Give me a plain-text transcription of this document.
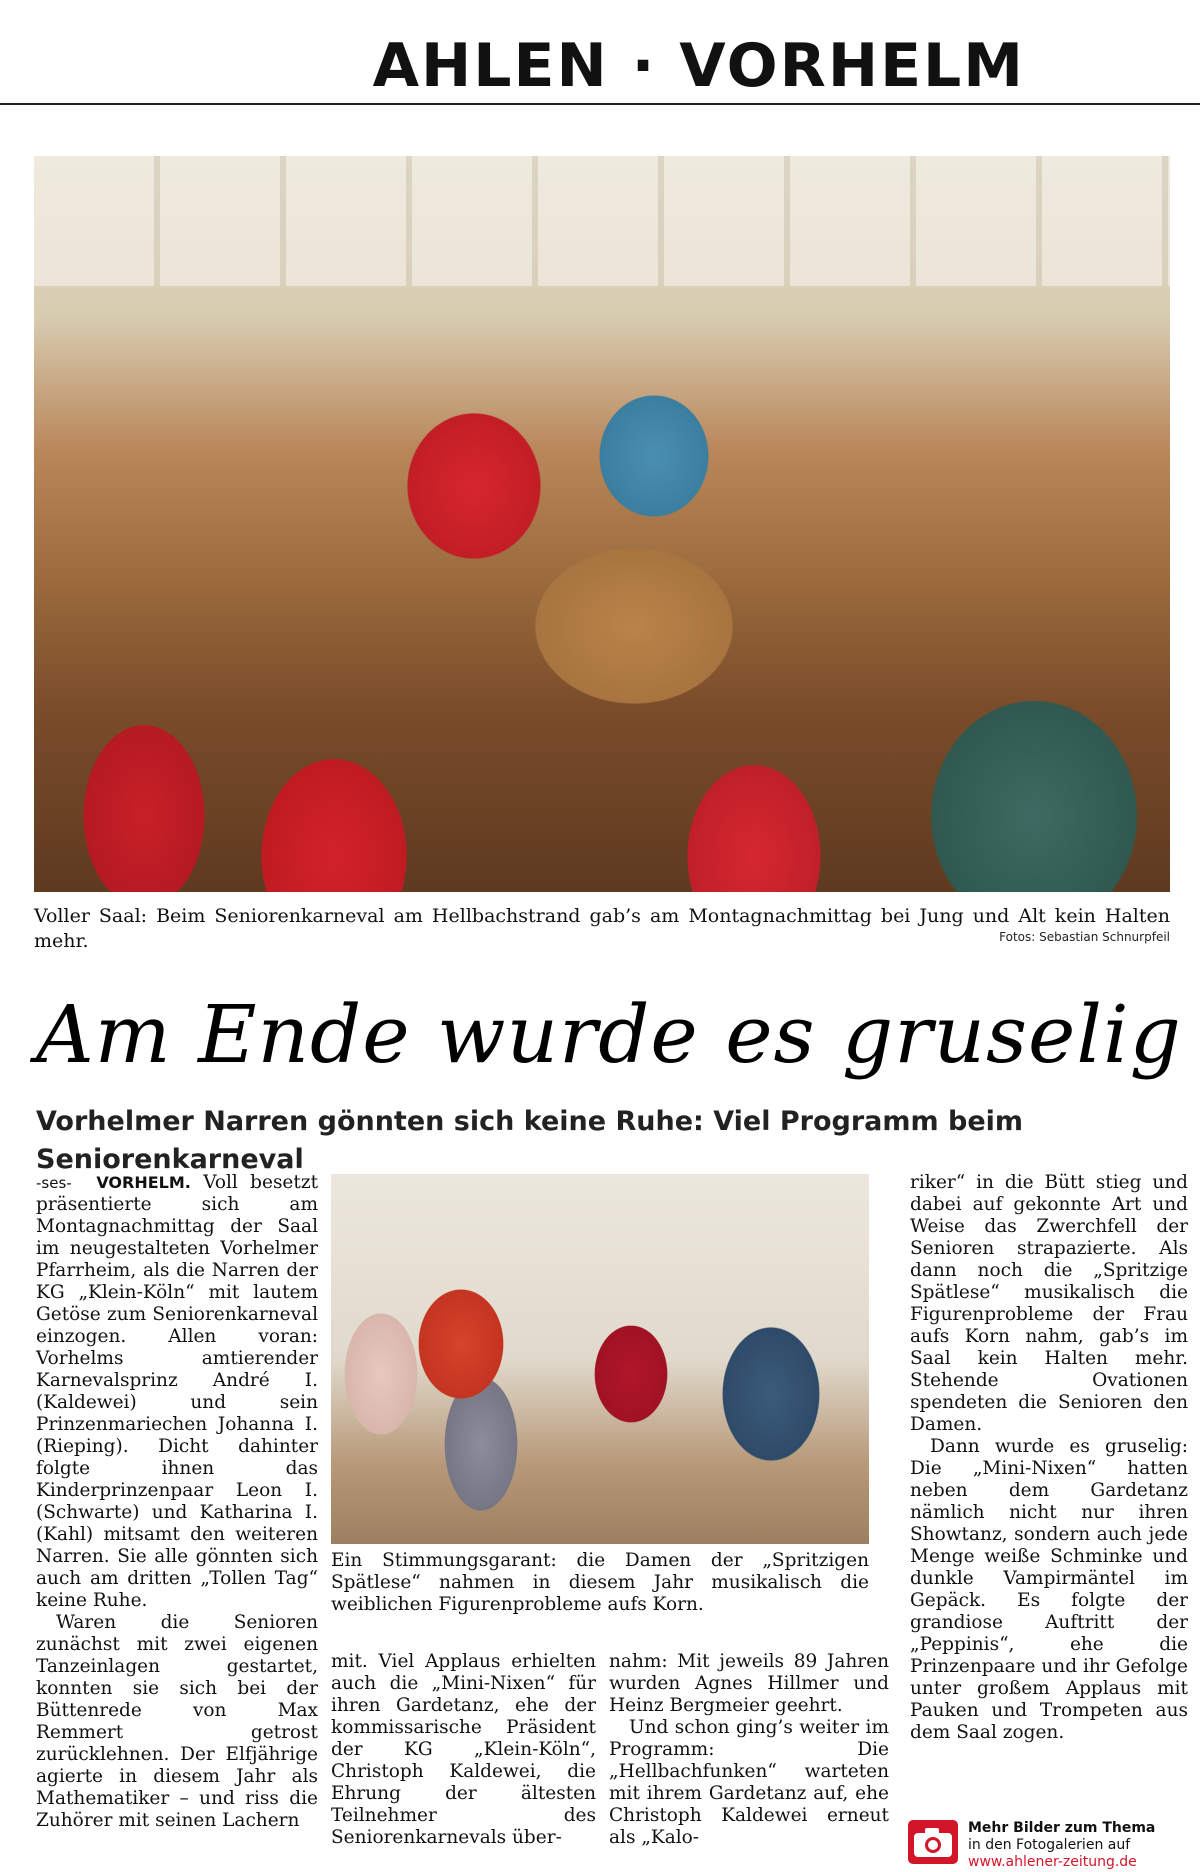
AHLEN · VORHELM
Voller Saal: Beim Seniorenkarneval am Hellbachstrand gab’s am Montagnachmittag bei Jung und Alt kein Halten mehr.	Fotos: Sebastian Schnurpfeil
Am Ende wurde es gruselig
Vorhelmer Narren gönnten sich keine Ruhe: Viel Programm beim Seniorenkarneval

-ses- VORHELM. Voll besetzt präsentierte sich am Montagnachmittag der Saal im neugestalteten Vorhelmer Pfarrheim, als die Narren der KG „Klein-Köln“ mit lautem Getöse zum Seniorenkarneval einzogen. Allen voran: Vorhelms amtierender Karnevalsprinz André I. (Kaldewei) und sein Prinzenmariechen Johanna I. (Rieping). Dicht dahinter folgte ihnen das Kinderprinzenpaar Leon I. (Schwarte) und Katharina I. (Kahl) mitsamt den weiteren Narren. Sie alle gönnten sich auch am dritten „Tollen Tag“ keine Ruhe.

Waren die Senioren zunächst mit zwei eigenen Tanzeinlagen gestartet, konnten sie sich bei der Büttenrede von Max Remmert getrost zurücklehnen. Der Elfjährige agierte in diesem Jahr als Mathematiker – und riss die Zuhörer mit seinen Lachern

Ein Stimmungsgarant: die Damen der „Spritzigen Spätlese“ nahmen in diesem Jahr musikalisch die weiblichen Figurenprobleme aufs Korn.

mit. Viel Applaus erhielten auch die „Mini-Nixen“ für ihren Gardetanz, ehe der kommissarische Präsident der KG „Klein-Köln“, Christoph Kaldewei, die Ehrung der ältesten Teilnehmer des Seniorenkarnevals über-

nahm: Mit jeweils 89 Jahren wurden Agnes Hillmer und Heinz Bergmeier geehrt.

Und schon ging’s weiter im Programm: Die „Hellbachfunken“ warteten mit ihrem Gardetanz auf, ehe Christoph Kaldewei erneut als „Kalo-

riker“ in die Bütt stieg und dabei auf gekonnte Art und Weise das Zwerchfell der Senioren strapazierte. Als dann noch die „Spritzige Spätlese“ musikalisch die Figurenprobleme der Frau aufs Korn nahm, gab’s im Saal kein Halten mehr. Stehende Ovationen spendeten die Senioren den Damen.

Dann wurde es gruselig: Die „Mini-Nixen“ hatten neben dem Gardetanz nämlich nicht nur ihren Showtanz, sondern auch jede Menge weiße Schminke und dunkle Vampirmäntel im Gepäck. Es folgte der grandiose Auftritt der „Peppinis“, ehe die Prinzenpaare und ihr Gefolge unter großem Applaus mit Pauken und Trompeten aus dem Saal zogen.

Mehr Bilder zum Thema
in den Fotogalerien auf
www.ahlener-zeitung.de
